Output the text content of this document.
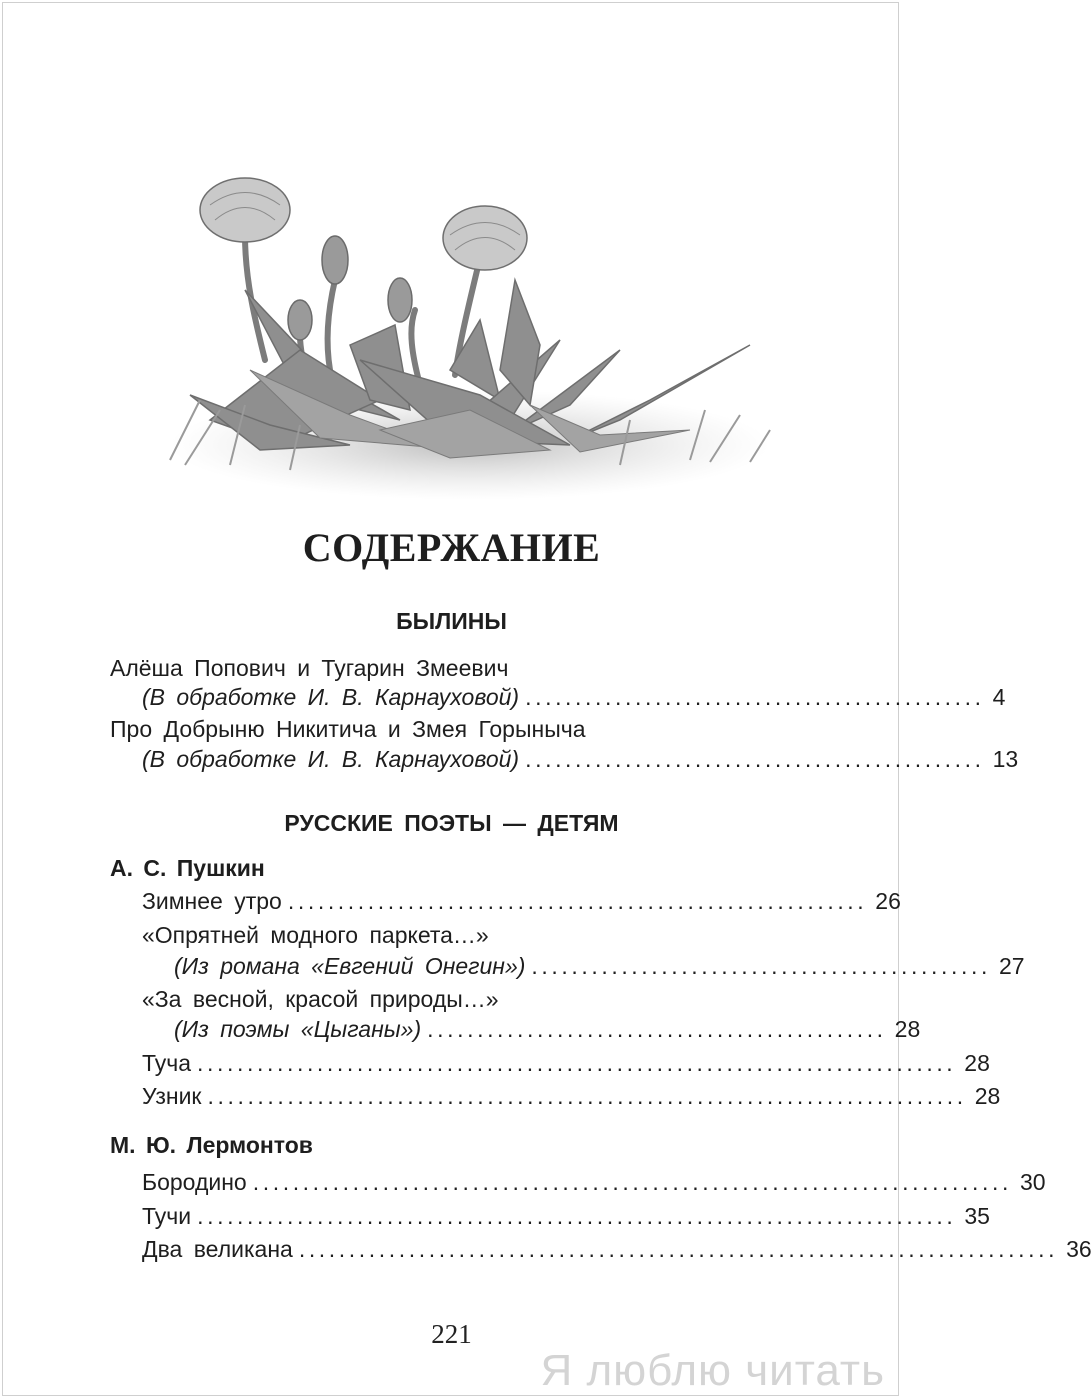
СОДЕРЖАНИЕ
БЫЛИНЫ
Алёша Попович и Тугарин Змеевич
(В обработке И. В. Карнауховой) .............................................. 4
Про Добрыню Никитича и Змея Горыныча
(В обработке И. В. Карнауховой) .............................................. 13
РУССКИЕ ПОЭТЫ — ДЕТЯМ
А. С. Пушкин
Зимнее утро .......................................................... 26
«Опрятней модного паркета…»
(Из романа «Евгений Онегин») .............................................. 27
«За весной, красой природы…»
(Из поэмы «Цыганы») .............................................. 28
Туча ............................................................................ 28
Узник ............................................................................ 28
М. Ю. Лермонтов
Бородино ............................................................................ 30
Тучи ............................................................................ 35
Два великана ............................................................................ 36
221
Я люблю читать
